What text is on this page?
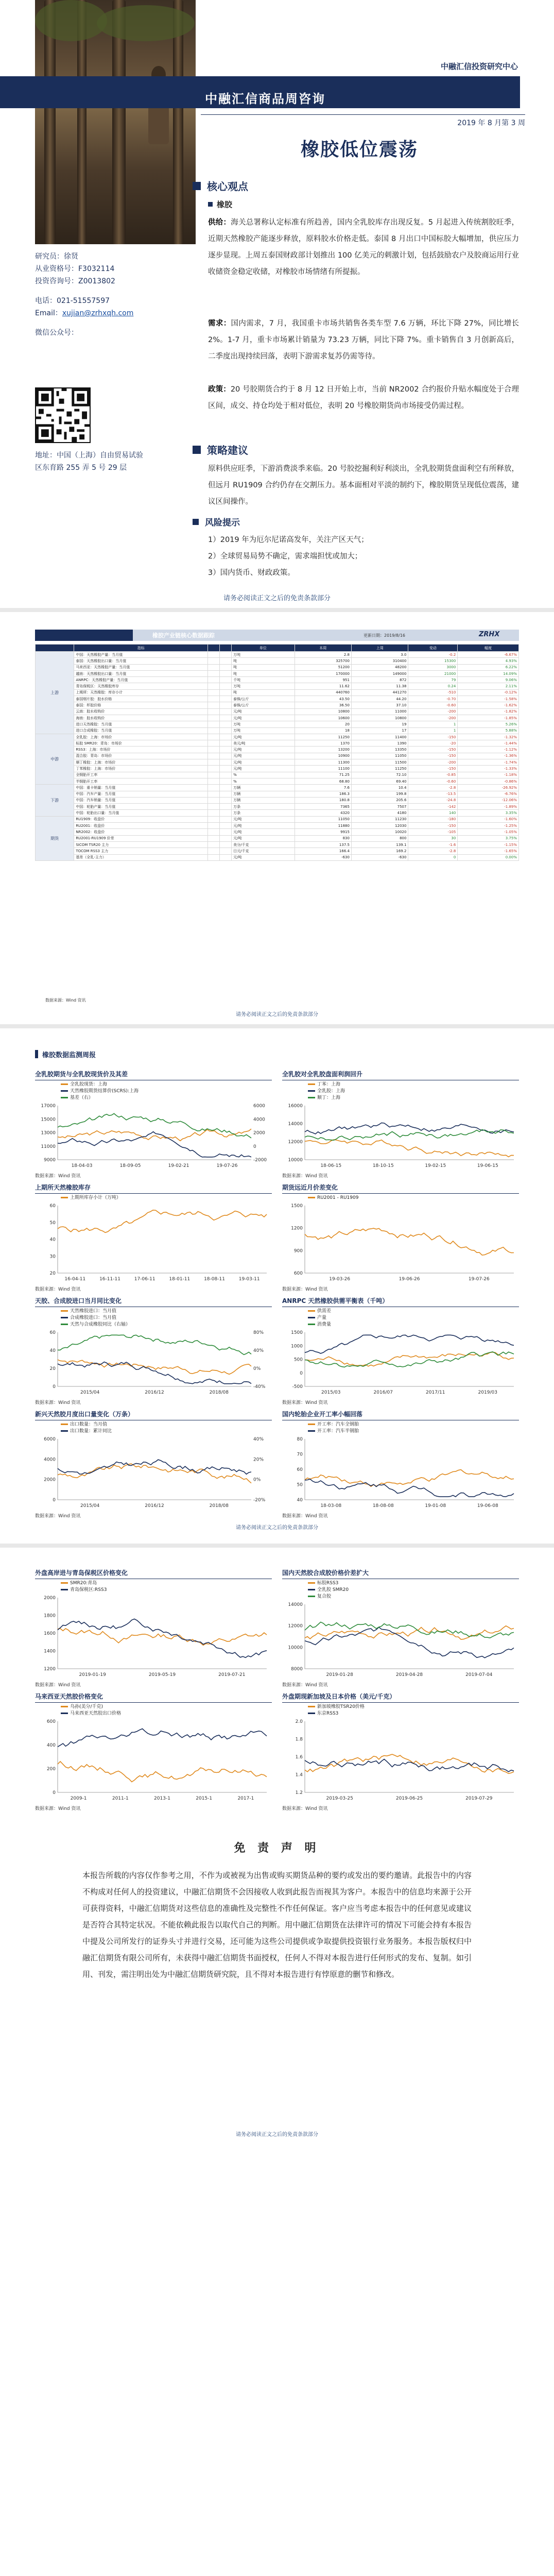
中融汇信投资研究中心
中融汇信商品周咨询
2019 年 8 月第 3 周
橡胶低位震荡
研究员：徐贤
从业资格号：F3032114
投资咨询号：Z0013802
电话：021-51557597
Email：xujian@zrhxqh.com
微信公众号：
地址：中国（上海）自由贸易试验
区东育路 255 弄 5 号 29 层
核心观点
橡胶
供给：海关总署称认定标准有所趋善，国内全乳胶库存出现反复。5 月起进入传统割胶旺季，近期天然橡胶产能逐步释放，原料胶水价格走低。泰国 8 月出口中国标胶大幅增加，供应压力逐步显现。上周五泰国财政部计划推出 100 亿美元的刺激计划，包括鼓励农户及胶商运用行业收储资金稳定收储，对橡胶市场情绪有所提振。
需求：国内需求，7 月，我国重卡市场共销售各类车型 7.6 万辆，环比下降 27%，同比增长 2%。1-7 月，重卡市场累计销量为 73.23 万辆，同比下降 7%。重卡销售自 3 月创新高后，二季度出现持续回落，表明下游需求复苏仍需等待。
政策：20 号胶期货合约于 8 月 12 日开始上市，当前 NR2002 合约报价升贴水幅度处于合理区间，成交、持仓均处于相对低位，表明 20 号橡胶期货尚市场接受仍需过程。
策略建议
原料供应旺季，下游消费淡季来临。20 号胶挖掘利好利淡出，全乳胶期货盘面利空有所释放，但远月 RU1909 合约仍存在交割压力。基本面相对平淡的制约下，橡胶期货呈现低位震荡，建议区间操作。
风险提示
1）2019 年为厄尔尼诺高发年，关注产区天气；
2）全球贸易局势不确定，需求端担忧或加大；
3）国内货币、财政政策。
请务必阅读正文之后的免责条款部分
橡胶产业链核心数据跟踪	更新日期：2019/8/16	ZRHX
	指标			单位	本周	上周	变动	幅度
上游	中国：天然橡胶产量：当月值			万吨	2.8	3.0	-0.2	-6.67%
	泰国：天然橡胶出口量：当月值			吨	325700	310400	15300	4.93%
	马来西亚：天然橡胶产量：当月值			吨	51200	48200	3000	6.22%
	越南：天然橡胶出口量：当月值			吨	170000	149000	21000	14.09%
	ANRPC：天然橡胶产量：当月值			千吨	951	872	79	9.06%
	青岛保税区：天然橡胶库存			万吨	11.62	11.38	0.24	2.11%
	上期所：天然橡胶：库存小计			吨	440760	441270	-510	-0.12%
	泰国烟片胶：胶水价格			泰铢/公斤	43.50	44.20	-0.70	-1.58%
	泰国：杯胶价格			泰铢/公斤	36.50	37.10	-0.60	-1.62%
	云南：胶水收购价			元/吨	10800	11000	-200	-1.82%
	海南：胶水收购价			元/吨	10600	10800	-200	-1.85%
	进口天然橡胶：当月值			万吨	20	19	1	5.26%
	进口合成橡胶：当月值			万吨	18	17	1	5.88%
中游	全乳胶：上海：市场价			元/吨	11250	11400	-150	-1.32%
	标胶 SMR20：青岛：市场价			美元/吨	1370	1390	-20	-1.44%
	RSS3：上海：市场价			元/吨	13200	13350	-150	-1.12%
	混合胶：青岛：市场价			元/吨	10900	11050	-150	-1.36%
	顺丁橡胶：上海：市场价			元/吨	11300	11500	-200	-1.74%
	丁苯橡胶：上海：市场价			元/吨	11100	11250	-150	-1.33%
	全钢胎开工率			%	71.25	72.10	-0.85	-1.18%
	半钢胎开工率			%	68.80	69.40	-0.60	-0.86%
下游	中国：重卡销量：当月值			万辆	7.6	10.4	-2.8	-26.92%
	中国：汽车产量：当月值			万辆	186.3	199.8	-13.5	-6.76%
	中国：汽车销量：当月值			万辆	180.8	205.6	-24.8	-12.06%
	中国：轮胎产量：当月值			万条	7365	7507	-142	-1.89%
	中国：轮胎出口量：当月值			万条	4320	4180	140	3.35%
期货	RU1909：收盘价			元/吨	11050	11230	-180	-1.60%
	RU2001：收盘价			元/吨	11880	12030	-150	-1.25%
	NR2002：收盘价			元/吨	9915	10020	-105	-1.05%
	RU2001-RU1909 价差			元/吨	830	800	30	3.75%
	SICOM TSR20 主力			美分/千克	137.5	139.1	-1.6	-1.15%
	TOCOM RSS3 主力			日元/千克	166.4	169.2	-2.8	-1.65%
	基差（全乳-主力）			元/吨	-630	-630	0	0.00%
数据来源：Wind 资讯
请务必阅读正文之后的免责条款部分
橡胶数据监测周报
全乳胶期货与全乳胶现货价及其差
全乳胶现货：上海
天然橡胶期货结算价(SCRS):上海
基差（右）
17000
15000
13000
11000
9000
6000
4000
2000
0
-2000
18-04-03	18-09-05	19-02-21	19-07-26
数据来源：Wind 资讯
全乳胶对全乳胶盘面利润回升
丁苯：上海
全乳胶：上海
顺丁：上海
16000
14000
12000
10000
18-06-15	18-10-15	19-02-15	19-06-15
数据来源：Wind 资讯
上期所天然橡胶库存
上期所库存小计（万吨）
60
50
40
30
20
16-04-11	16-11-11	17-06-11	18-01-11	18-08-11	19-03-11
数据来源：Wind 资讯
期货远近月价差变化
RU2001 - RU1909
1500
1200
900
600
19-03-26	19-06-26	19-07-26
数据来源：Wind 资讯
天胶、合成胶进口当月同比变化
天然橡胶进口：当月值
合成橡胶进口：当月值
天然与合成橡胶同比（右轴）
60
40
20
0
80%
40%
0%
-40%
2015/04	2016/12	2018/08
数据来源：Wind 资讯
ANRPC 天然橡胶供需平衡表（千吨）
供需差
产量
消费量
1500
1000
500
0
-500
2015/03	2016/07	2017/11	2019/03
数据来源：Wind 资讯
新兴天然胶月度出口量变化（万条）
出口数量：当月值
出口数量：累计同比
6000
4000
2000
0
40%
20%
0%
-20%
2015/04	2016/12	2018/08
数据来源：Wind 资讯
国内轮胎企业开工率小幅回落
开工率：汽车全钢胎
开工率：汽车半钢胎
80
70
60
50
40
18-03-08	18-08-08	19-01-08	19-06-08
数据来源：Wind 资讯
请务必阅读正文之后的免责条款部分
外盘高岸进与青岛保税区价格变化
SMR20:青岛
青岛保税区:RSS3
2000
1800
1600
1400
1200
2019-01-19	2019-05-19	2019-07-21
数据来源：Wind 资讯
国内天然胶合成胶价格价差扩大
标胶RSS3
全乳胶 SMR20
复合胶
14000
12000
10000
8000
2019-01-28	2019-04-28	2019-07-04
数据来源：Wind 资讯
马来西亚天然胶价格变化
乌孙(美分/千克)
马来西亚天然胶出口价格
600
400
200
0
2009-1	2011-1	2013-1	2015-1	2017-1
数据来源：Wind 资讯
外盘期现新加坡及日本价格（美元/千克）
新加坡橡胶TSR20价格
东京RSS3
2.0
1.8
1.6
1.4
1.2
2019-03-25	2019-06-25	2019-07-29
数据来源：Wind 资讯
免 责 声 明
本报告所载的内容仅作参考之用，不作为或被视为出售或购买期货品种的要约或发出的要约邀请。此报告中的内容不构成对任何人的投资建议，中融汇信期货不会因接收人收到此报告而视其为客户。本报告中的信息均来源于公开可获得资料，中融汇信期货对这些信息的准确性及完整性不作任何保证。客户应当考虑本报告中的任何意见或建议是否符合其特定状况。不能依赖此报告以取代自己的判断。用中融汇信期货在法律许可的情况下可能会持有本报告中提及公司所发行的证券头寸并进行交易，还可能为这些公司提供或争取提供投资银行业务服务。本报告版权归中融汇信期货有限公司所有，未获得中融汇信期货书面授权，任何人不得对本报告进行任何形式的发布、复制。如引用、刊发，需注明出处为中融汇信期货研究院，且不得对本报告进行有悖原意的删节和修改。
请务必阅读正文之后的免责条款部分
